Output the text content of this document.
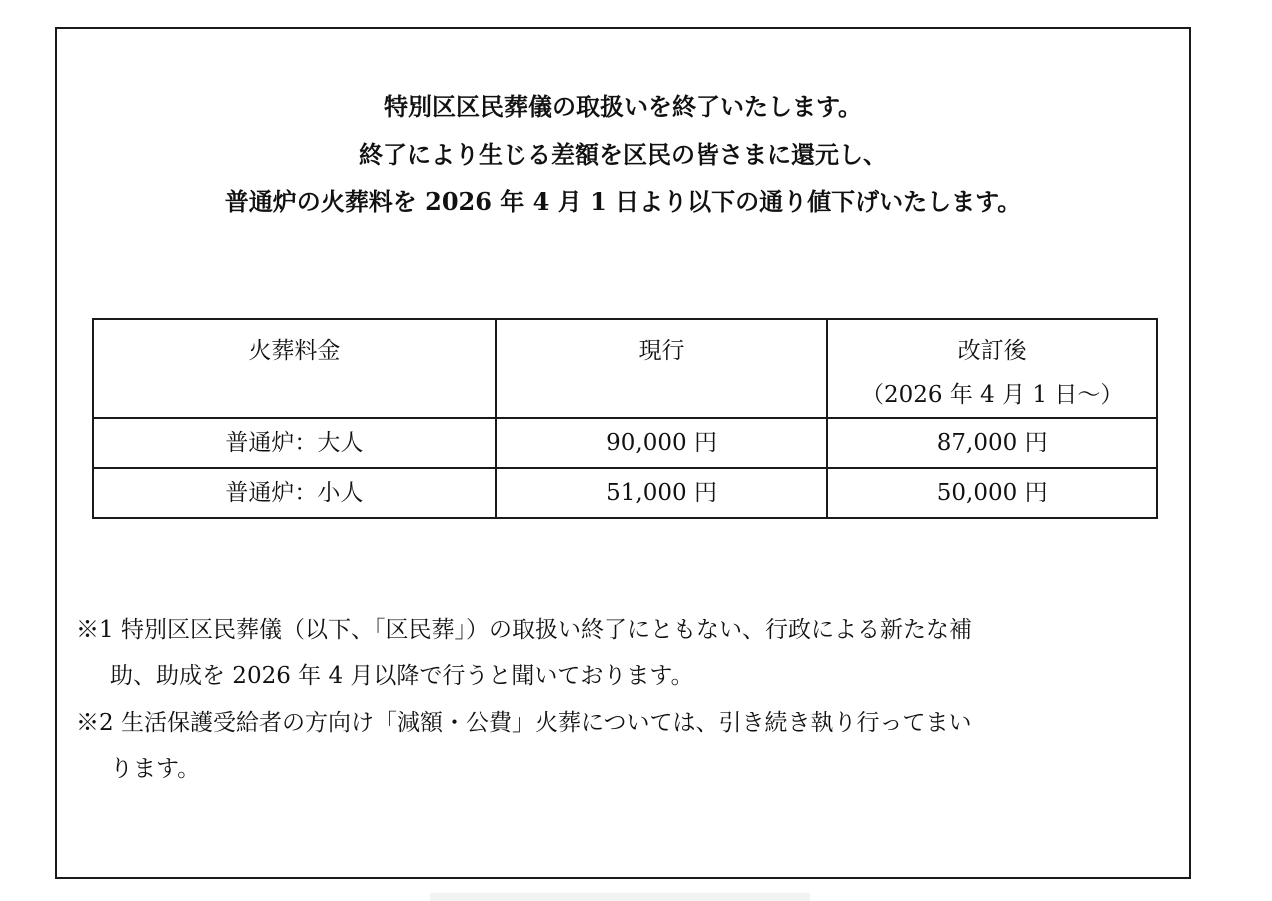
特別区区民葬儀の取扱いを終了いたします。
終了により生じる差額を区民の皆さまに還元し、
普通炉の火葬料を 2026 年 4 月 1 日より以下の通り値下げいたします。
火葬料金	現行	改訂後
（2026 年 4 月 1 日～）

普通炉：大人	90,000 円	87,000 円
普通炉：小人	51,000 円	50,000 円
※1 特別区区民葬儀（以下、「区民葬」）の取扱い終了にともない、行政による新たな補
助、助成を 2026 年 4 月以降で行うと聞いております。
※2 生活保護受給者の方向け「減額・公費」火葬については、引き続き執り行ってまい
ります。
